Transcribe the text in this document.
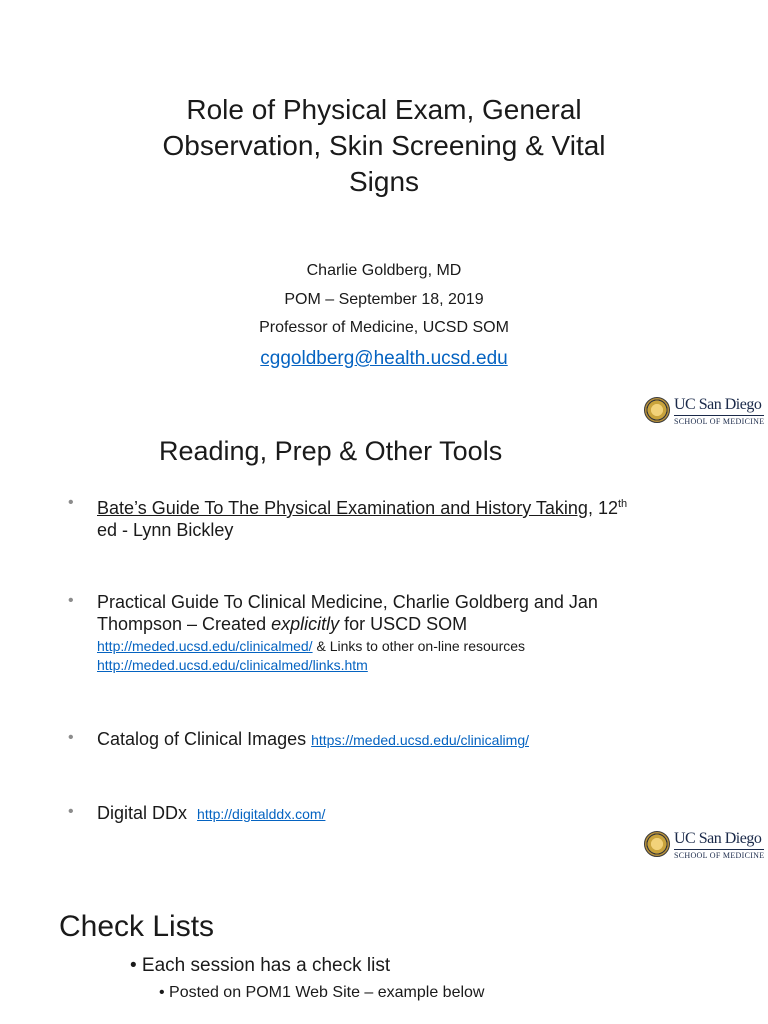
Role of Physical Exam, General
Observation, Skin Screening & Vital
Signs
Charlie Goldberg, MD
POM – September 18, 2019
Professor of Medicine, UCSD SOM
cggoldberg@health.ucsd.edu
UC San Diego
SCHOOL OF MEDICINE
Reading, Prep & Other Tools
• Bate’s Guide To The Physical Examination and History Taking, 12th
ed - Lynn Bickley
• Practical Guide To Clinical Medicine, Charlie Goldberg and Jan
Thompson – Created explicitly for USCD SOM
http://meded.ucsd.edu/clinicalmed/ & Links to other on-line resources
http://meded.ucsd.edu/clinicalmed/links.htm
• Catalog of Clinical Images https://meded.ucsd.edu/clinicalimg/
• Digital DDx  http://digitalddx.com/
UC San Diego
SCHOOL OF MEDICINE
Check Lists
• Each session has a check list
• Posted on POM1 Web Site – example below
